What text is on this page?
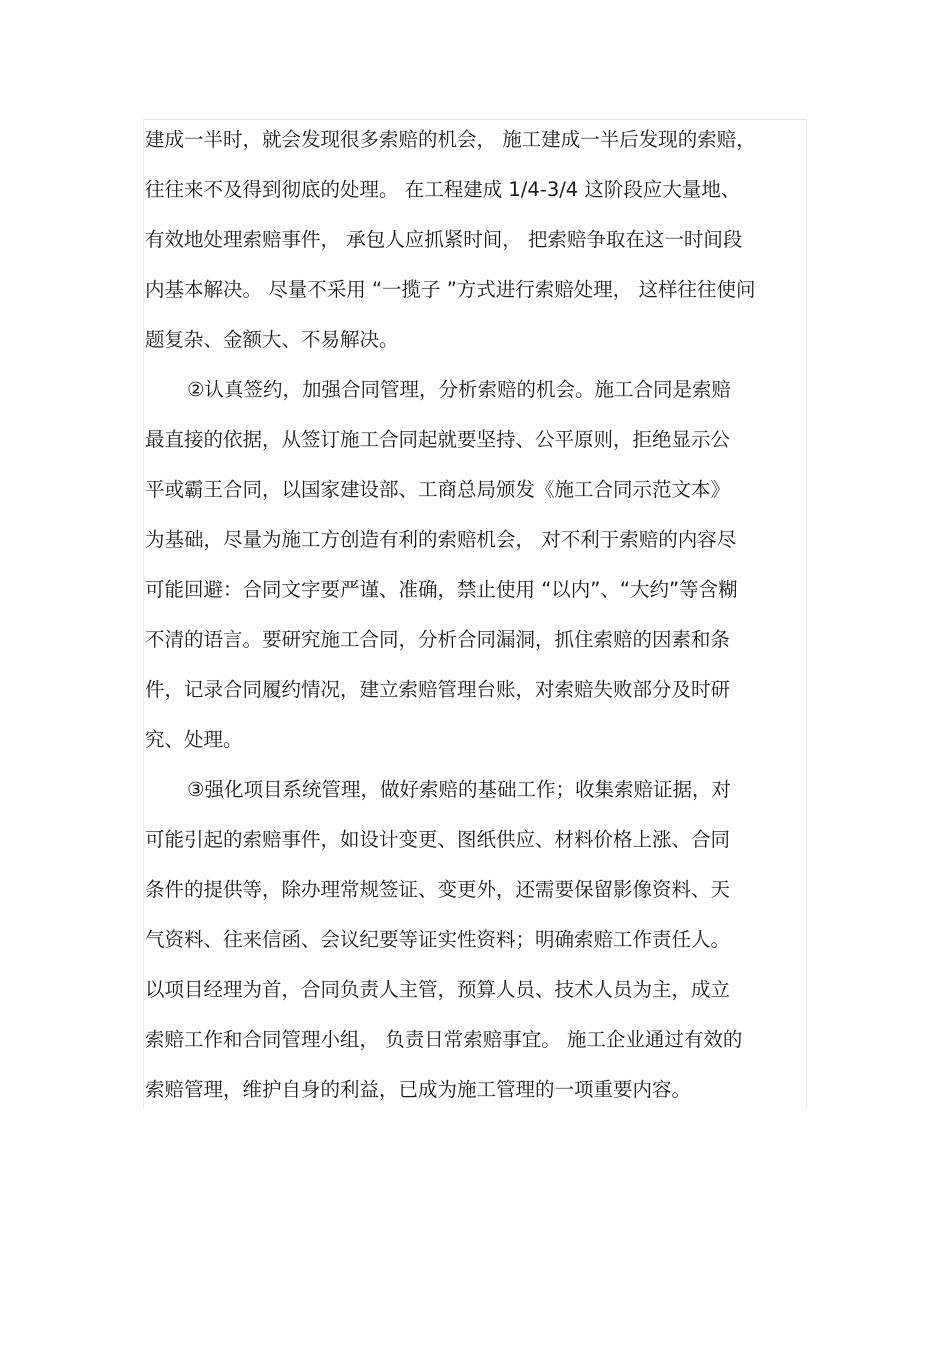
建成一半时，就会发现很多索赔的机会， 施工建成一半后发现的索赔，
往往来不及得到彻底的处理。 在工程建成 1/4-3/4 这阶段应大量地、
有效地处理索赔事件， 承包人应抓紧时间， 把索赔争取在这一时间段
内基本解决。 尽量不采用 “一揽子 ”方式进行索赔处理， 这样往往使问
题复杂、金额大、不易解决。
②认真签约，加强合同管理，分析索赔的机会。施工合同是索赔
最直接的依据，从签订施工合同起就要坚持、公平原则，拒绝显示公
平或霸王合同，以国家建设部、工商总局颁发《施工合同示范文本》
为基础，尽量为施工方创造有利的索赔机会， 对不利于索赔的内容尽
可能回避：合同文字要严谨、准确，禁止使用 “以内”、“大约”等含糊
不清的语言。要研究施工合同，分析合同漏洞，抓住索赔的因素和条
件，记录合同履约情况，建立索赔管理台账，对索赔失败部分及时研
究、处理。
③强化项目系统管理，做好索赔的基础工作；收集索赔证据，对
可能引起的索赔事件，如设计变更、图纸供应、材料价格上涨、合同
条件的提供等，除办理常规签证、变更外，还需要保留影像资料、天
气资料、往来信函、会议纪要等证实性资料；明确索赔工作责任人。
以项目经理为首，合同负责人主管，预算人员、技术人员为主，成立
索赔工作和合同管理小组， 负责日常索赔事宜。 施工企业通过有效的
索赔管理，维护自身的利益，已成为施工管理的一项重要内容。
